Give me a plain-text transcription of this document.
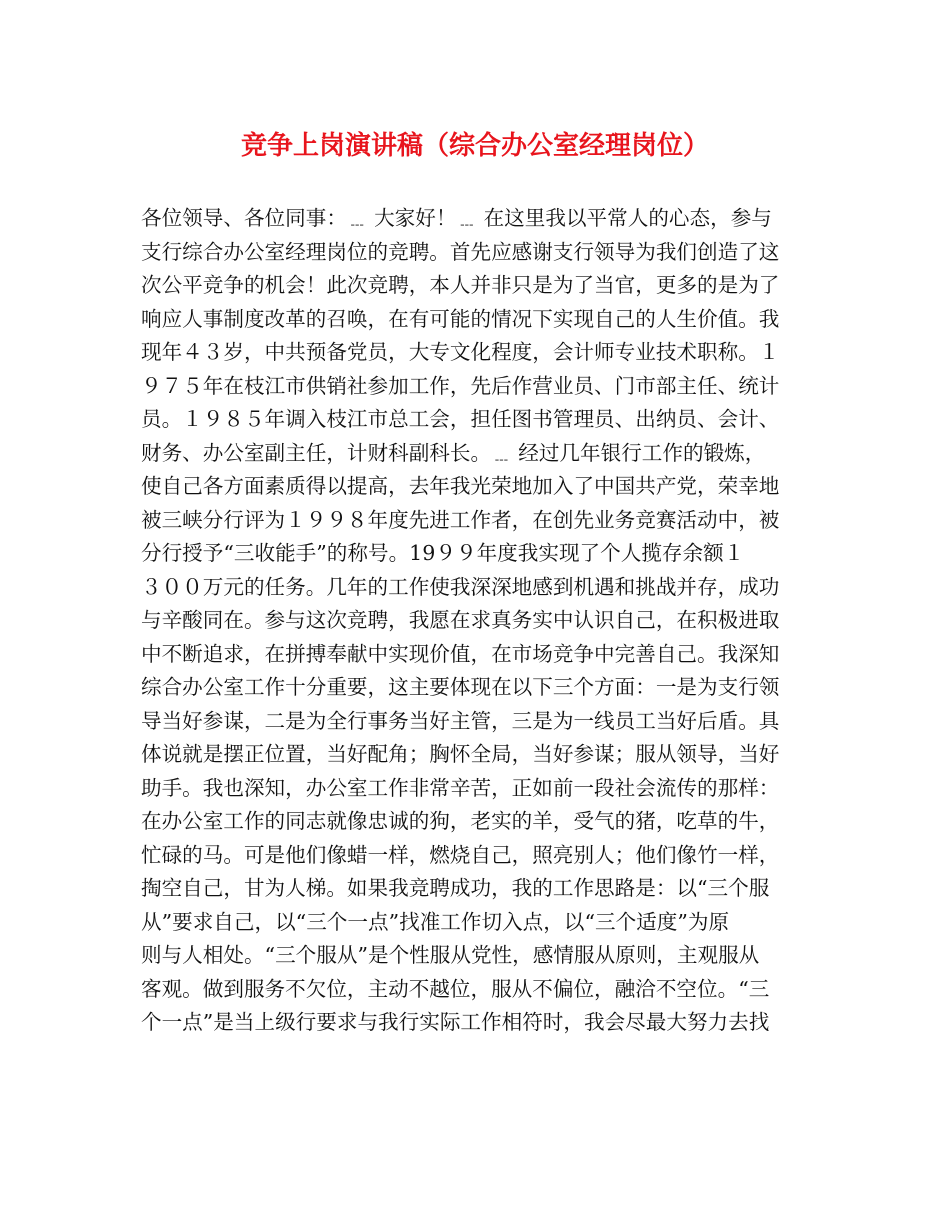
竞争上岗演讲稿（综合办公室经理岗位）
各位领导、各位同事：﹍ 大家好！﹍ 在这里我以平常人的心态，参与
支行综合办公室经理岗位的竞聘。首先应感谢支行领导为我们创造了这
次公平竞争的机会！此次竞聘，本人并非只是为了当官，更多的是为了
响应人事制度改革的召唤，在有可能的情况下实现自己的人生价值。我
现年４３岁，中共预备党员，大专文化程度，会计师专业技术职称。１
９７５年在枝江市供销社参加工作，先后作营业员、门市部主任、统计
员。１９８５年调入枝江市总工会，担任图书管理员、出纳员、会计、
财务、办公室副主任，计财科副科长。﹍ 经过几年银行工作的锻炼，
使自己各方面素质得以提高，去年我光荣地加入了中国共产党，荣幸地
被三峡分行评为１９９８年度先进工作者，在创先业务竞赛活动中，被
分行授予“三收能手”的称号。19９９年度我实现了个人揽存余额１
３００万元的任务。几年的工作使我深深地感到机遇和挑战并存，成功
与辛酸同在。参与这次竞聘，我愿在求真务实中认识自己，在积极进取
中不断追求，在拼搏奉献中实现价值，在市场竞争中完善自己。我深知
综合办公室工作十分重要，这主要体现在以下三个方面：一是为支行领
导当好参谋，二是为全行事务当好主管，三是为一线员工当好后盾。具
体说就是摆正位置，当好配角；胸怀全局，当好参谋；服从领导，当好
助手。我也深知，办公室工作非常辛苦，正如前一段社会流传的那样：
在办公室工作的同志就像忠诚的狗，老实的羊，受气的猪，吃草的牛，
忙碌的马。可是他们像蜡一样，燃烧自己，照亮别人；他们像竹一样，
掏空自己，甘为人梯。如果我竞聘成功，我的工作思路是：以“三个服
从”要求自己，以“三个一点”找准工作切入点，以“三个适度”为原
则与人相处。“三个服从”是个性服从党性，感情服从原则，主观服从
客观。做到服务不欠位，主动不越位，服从不偏位，融洽不空位。“三
个一点”是当上级行要求与我行实际工作相符时，我会尽最大努力去找
